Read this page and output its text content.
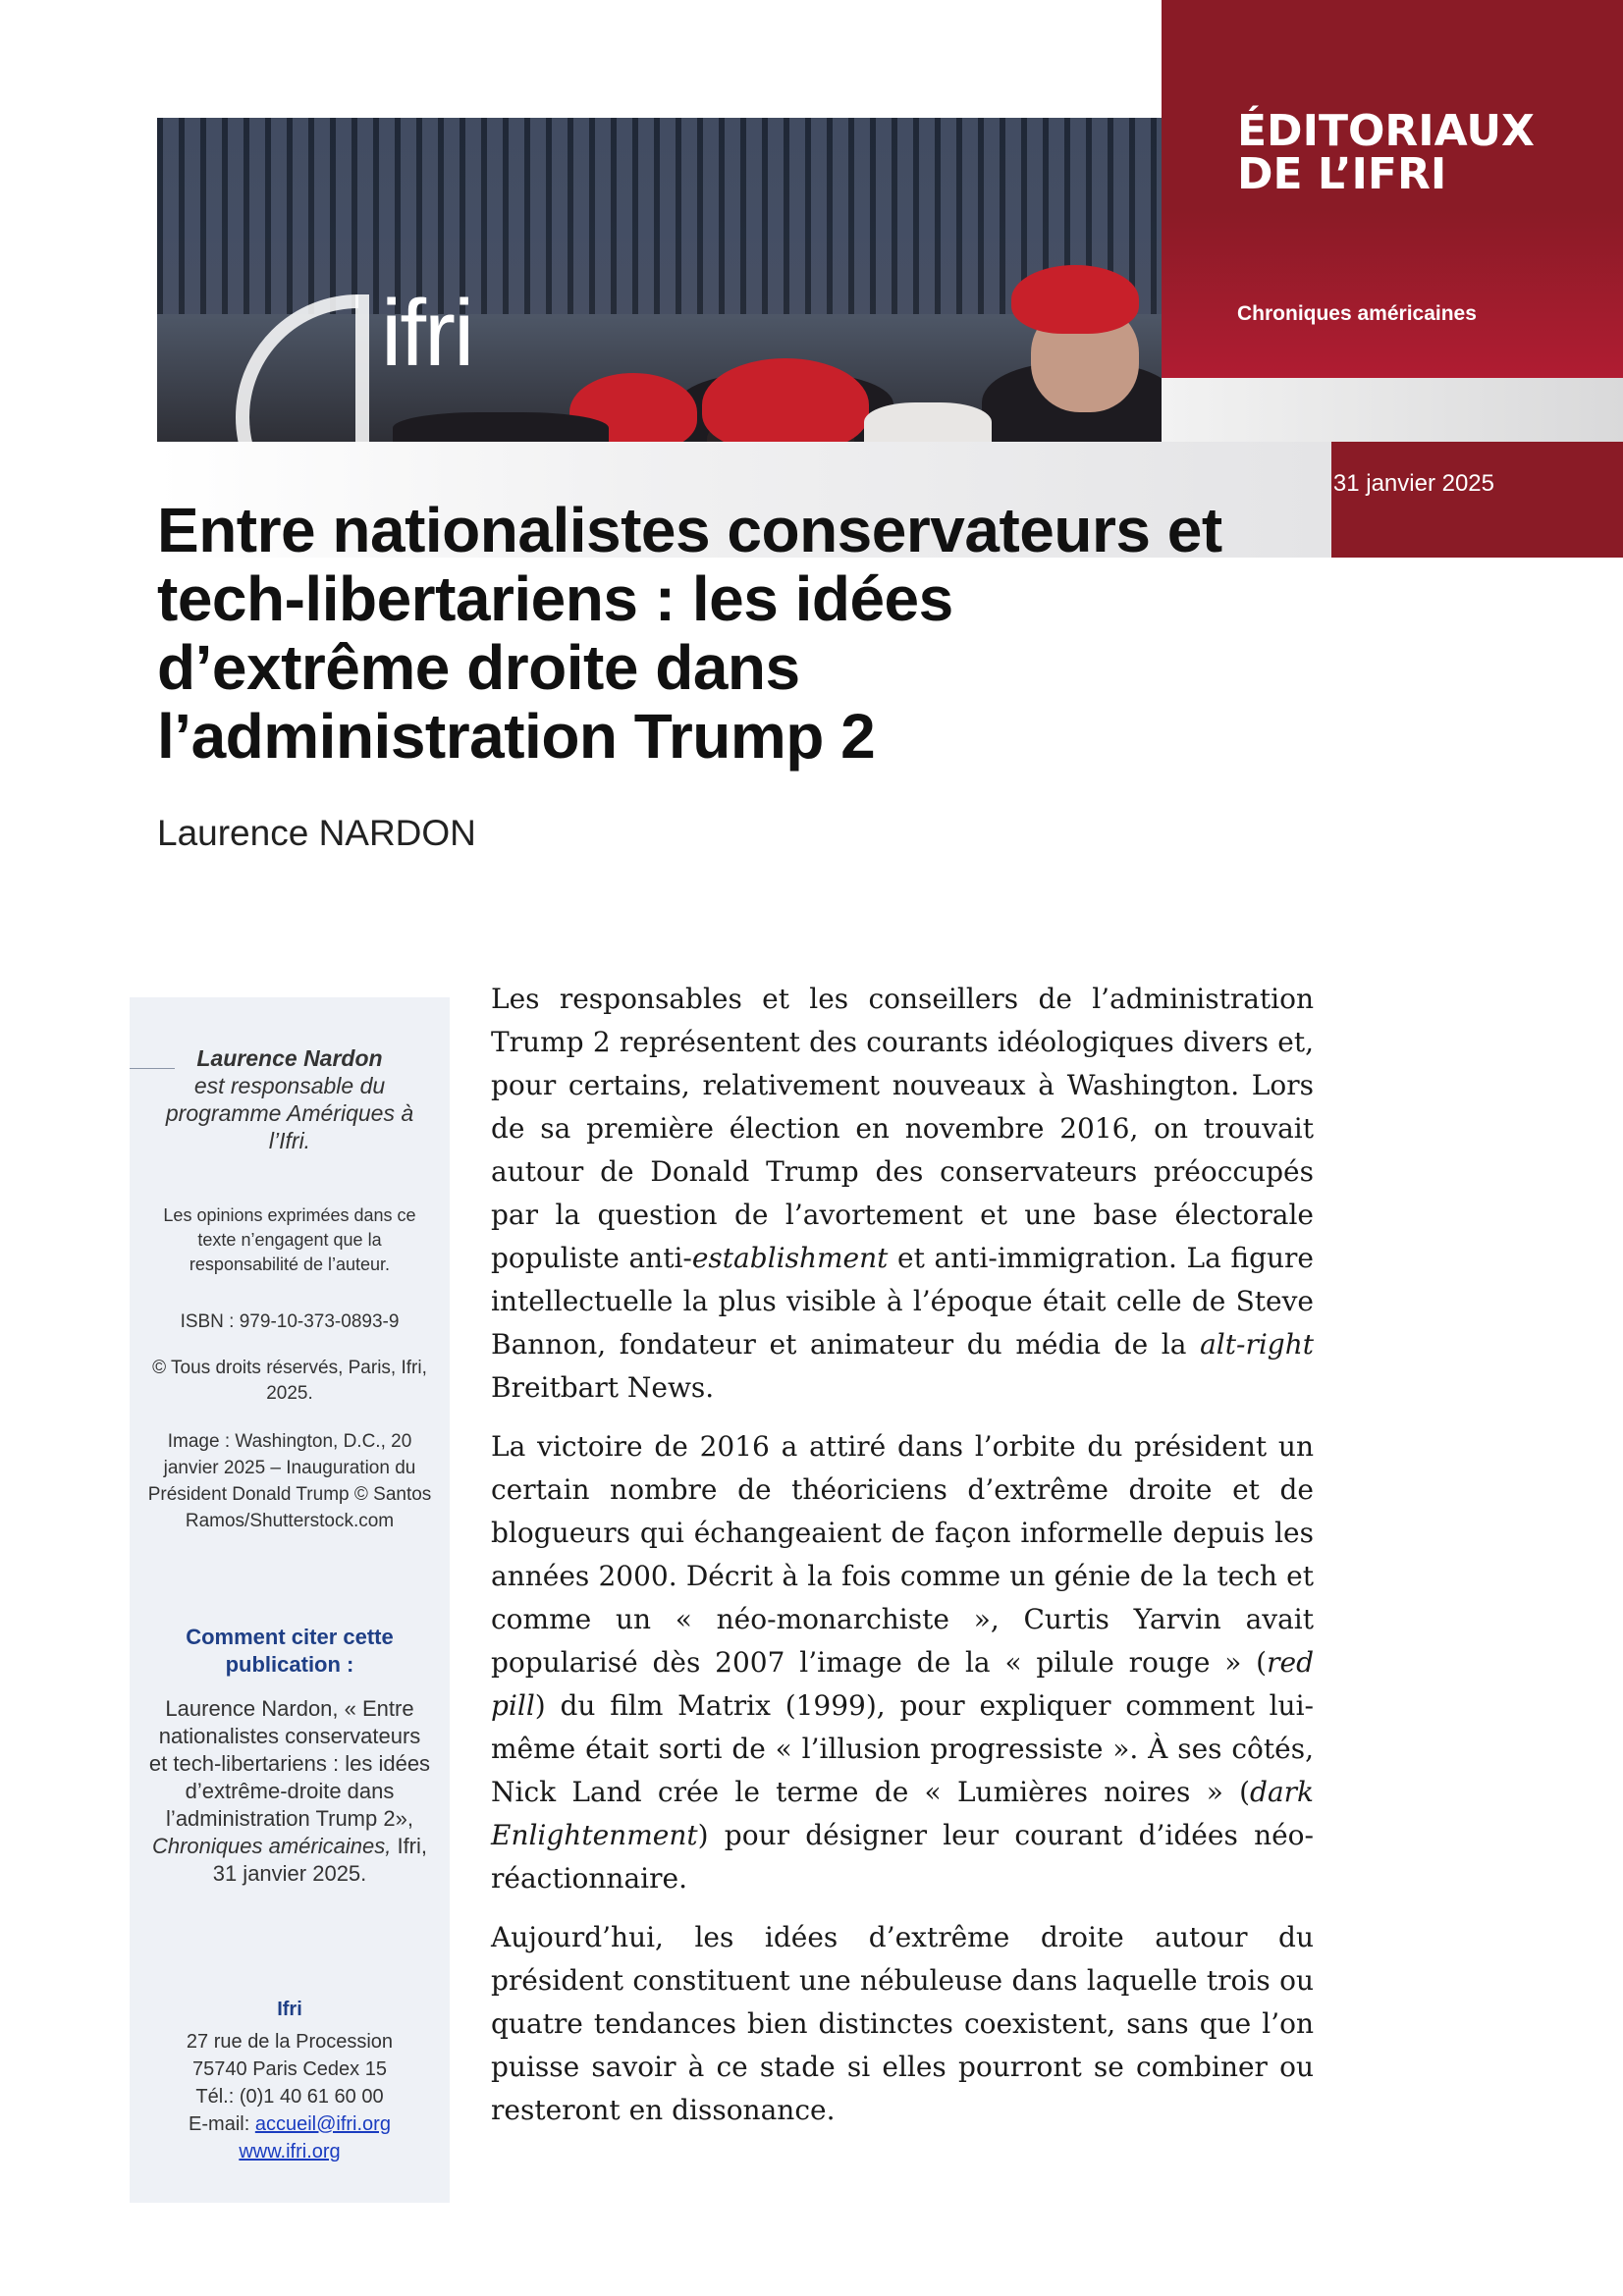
ifri
ÉDITORIAUX DE L’IFRI
Chroniques américaines
31 janvier 2025
Entre nationalistes conservateurs et tech-libertariens : les idées d’extrême droite dans l’administration Trump 2
Laurence NARDON
Laurence Nardon
est responsable du programme Amériques à l’Ifri.
Les opinions exprimées dans ce texte n’engagent que la responsabilité de l’auteur.
ISBN : 979-10-373-0893-9
© Tous droits réservés, Paris, Ifri, 2025.
Image : Washington, D.C., 20 janvier 2025 – Inauguration du Président Donald Trump © Santos Ramos/Shutterstock.com
Comment citer cette publication :
Laurence Nardon, « Entre nationalistes conservateurs et tech-libertariens : les idées d’extrême-droite dans l’administration Trump 2», Chroniques américaines, Ifri, 31 janvier 2025.
Ifri
27 rue de la Procession
75740 Paris Cedex 15
Tél.: (0)1 40 61 60 00
E-mail: accueil@ifri.org
www.ifri.org

Les responsables et les conseillers de l’administration Trump 2 représentent des courants idéologiques divers et, pour certains, relativement nouveaux à Washington. Lors de sa première élection en novembre 2016, on trouvait autour de Donald Trump des conservateurs préoccupés par la question de l’avortement et une base électorale populiste anti-establishment et anti-immigration. La figure intellectuelle la plus visible à l’époque était celle de Steve Bannon, fondateur et animateur du média de la alt-right Breitbart News.

La victoire de 2016 a attiré dans l’orbite du président un certain nombre de théoriciens d’extrême droite et de blogueurs qui échangeaient de façon informelle depuis les années 2000. Décrit à la fois comme un génie de la tech et comme un « néo-monarchiste », Curtis Yarvin avait popularisé dès 2007 l’image de la « pilule rouge » (red pill) du film Matrix (1999), pour expliquer comment lui-même était sorti de « l’illusion progressiste ». À ses côtés, Nick Land crée le terme de « Lumières noires » (dark Enlightenment) pour désigner leur courant d’idées néo-réactionnaire.

Aujourd’hui, les idées d’extrême droite autour du président constituent une nébuleuse dans laquelle trois ou quatre tendances bien distinctes coexistent, sans que l’on puisse savoir à ce stade si elles pourront se combiner ou resteront en dissonance.
